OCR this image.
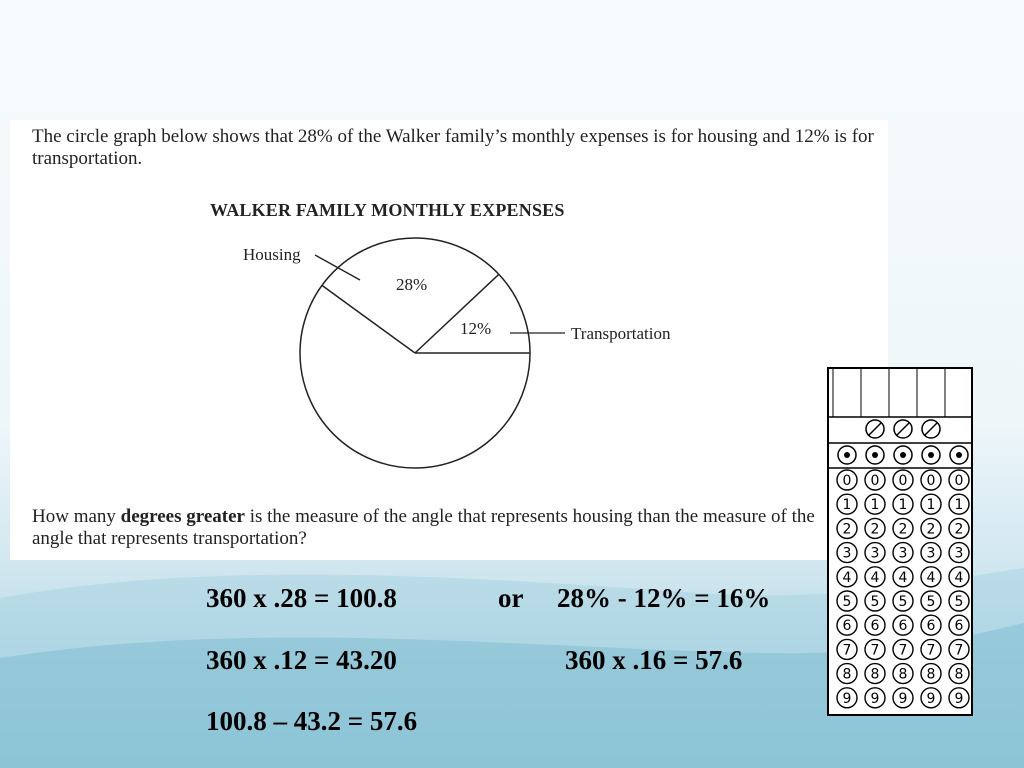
The circle graph below shows that 28% of the Walker family’s monthly expenses is for housing and 12% is for transportation.
WALKER FAMILY MONTHLY EXPENSES
28%
12%
Housing
Transportation
How many degrees greater is the measure of the angle that represents housing than the measure of the angle that represents transportation?
360 x .28 = 100.8	or 28% - 12% = 16%
360 x .12 = 43.20	360 x .16 = 57.6
100.8 – 43.2 = 57.6
0 0 0 0 0
1 1 1 1 1
2 2 2 2 2
3 3 3 3 3
4 4 4 4 4
5 5 5 5 5
6 6 6 6 6
7 7 7 7 7
8 8 8 8 8
9 9 9 9 9
